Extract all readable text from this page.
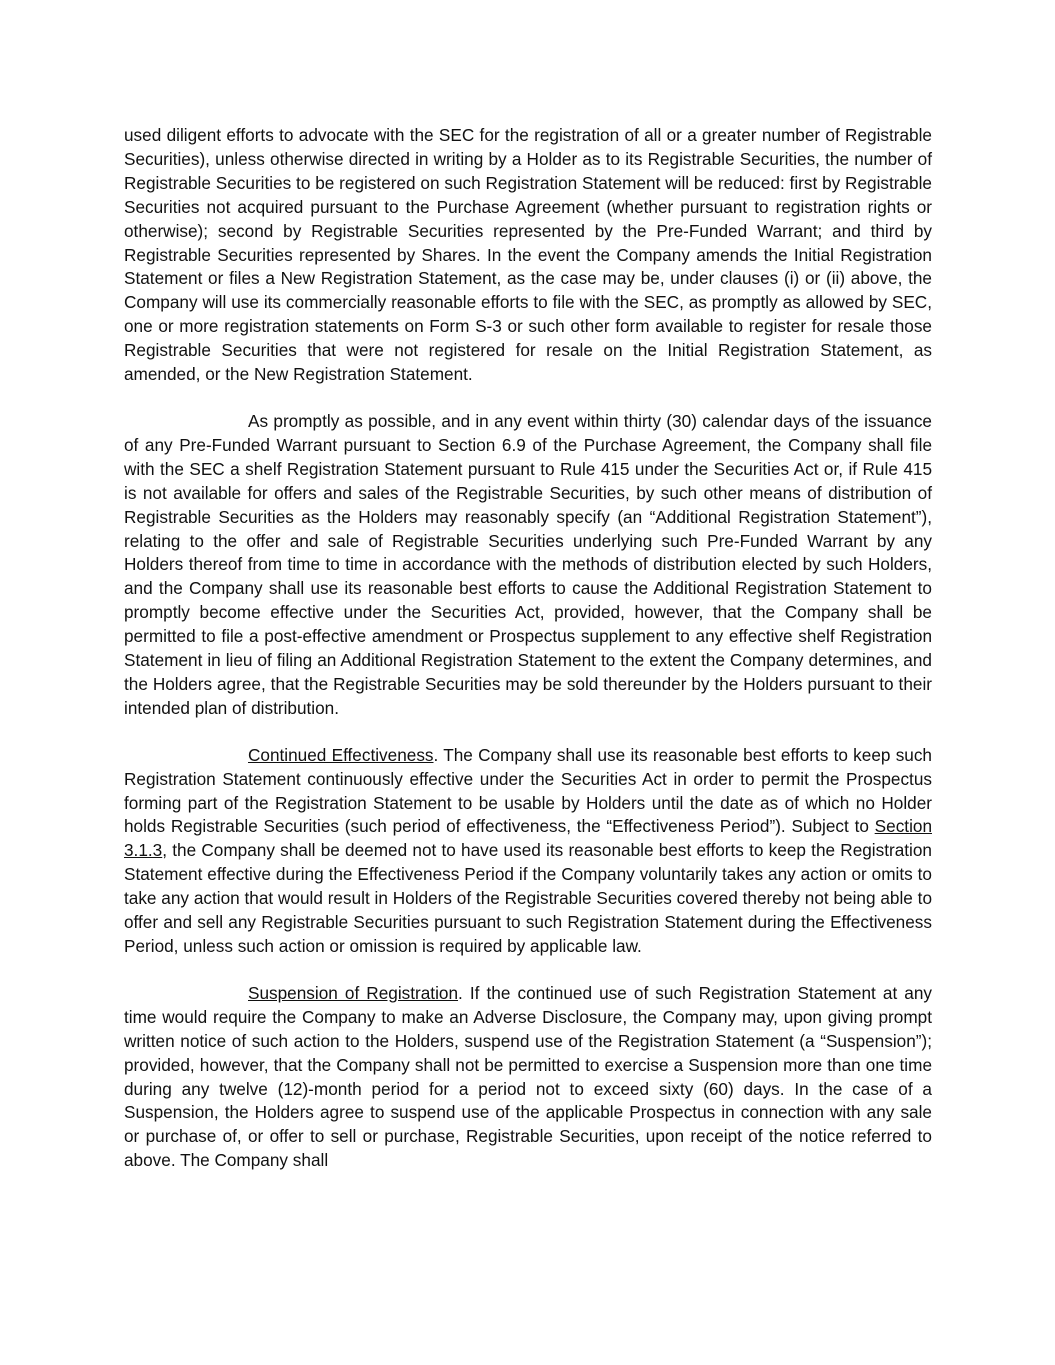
used diligent efforts to advocate with the SEC for the registration of all or a greater number of Registrable Securities), unless otherwise directed in writing by a Holder as to its Registrable Securities, the number of Registrable Securities to be registered on such Registration Statement will be reduced: first by Registrable Securities not acquired pursuant to the Purchase Agreement (whether pursuant to registration rights or otherwise); second by Registrable Securities represented by the Pre-Funded Warrant; and third by Registrable Securities represented by Shares. In the event the Company amends the Initial Registration Statement or files a New Registration Statement, as the case may be, under clauses (i) or (ii) above, the Company will use its commercially reasonable efforts to file with the SEC, as promptly as allowed by SEC, one or more registration statements on Form S-3 or such other form available to register for resale those Registrable Securities that were not registered for resale on the Initial Registration Statement, as amended, or the New Registration Statement.

As promptly as possible, and in any event within thirty (30) calendar days of the issuance of any Pre-Funded Warrant pursuant to Section 6.9 of the Purchase Agreement, the Company shall file with the SEC a shelf Registration Statement pursuant to Rule 415 under the Securities Act or, if Rule 415 is not available for offers and sales of the Registrable Securities, by such other means of distribution of Registrable Securities as the Holders may reasonably specify (an “Additional Registration Statement”), relating to the offer and sale of Registrable Securities underlying such Pre-Funded Warrant by any Holders thereof from time to time in accordance with the methods of distribution elected by such Holders, and the Company shall use its reasonable best efforts to cause the Additional Registration Statement to promptly become effective under the Securities Act, provided, however, that the Company shall be permitted to file a post-effective amendment or Prospectus supplement to any effective shelf Registration Statement in lieu of filing an Additional Registration Statement to the extent the Company determines, and the Holders agree, that the Registrable Securities may be sold thereunder by the Holders pursuant to their intended plan of distribution.

Continued Effectiveness. The Company shall use its reasonable best efforts to keep such Registration Statement continuously effective under the Securities Act in order to permit the Prospectus forming part of the Registration Statement to be usable by Holders until the date as of which no Holder holds Registrable Securities (such period of effectiveness, the “Effectiveness Period”). Subject to Section 3.1.3, the Company shall be deemed not to have used its reasonable best efforts to keep the Registration Statement effective during the Effectiveness Period if the Company voluntarily takes any action or omits to take any action that would result in Holders of the Registrable Securities covered thereby not being able to offer and sell any Registrable Securities pursuant to such Registration Statement during the Effectiveness Period, unless such action or omission is required by applicable law.

Suspension of Registration. If the continued use of such Registration Statement at any time would require the Company to make an Adverse Disclosure, the Company may, upon giving prompt written notice of such action to the Holders, suspend use of the Registration Statement (a “Suspension”); provided, however, that the Company shall not be permitted to exercise a Suspension more than one time during any twelve (12)-month period for a period not to exceed sixty (60) days. In the case of a Suspension, the Holders agree to suspend use of the applicable Prospectus in connection with any sale or purchase of, or offer to sell or purchase, Registrable Securities, upon receipt of the notice referred to above. The Company shall
